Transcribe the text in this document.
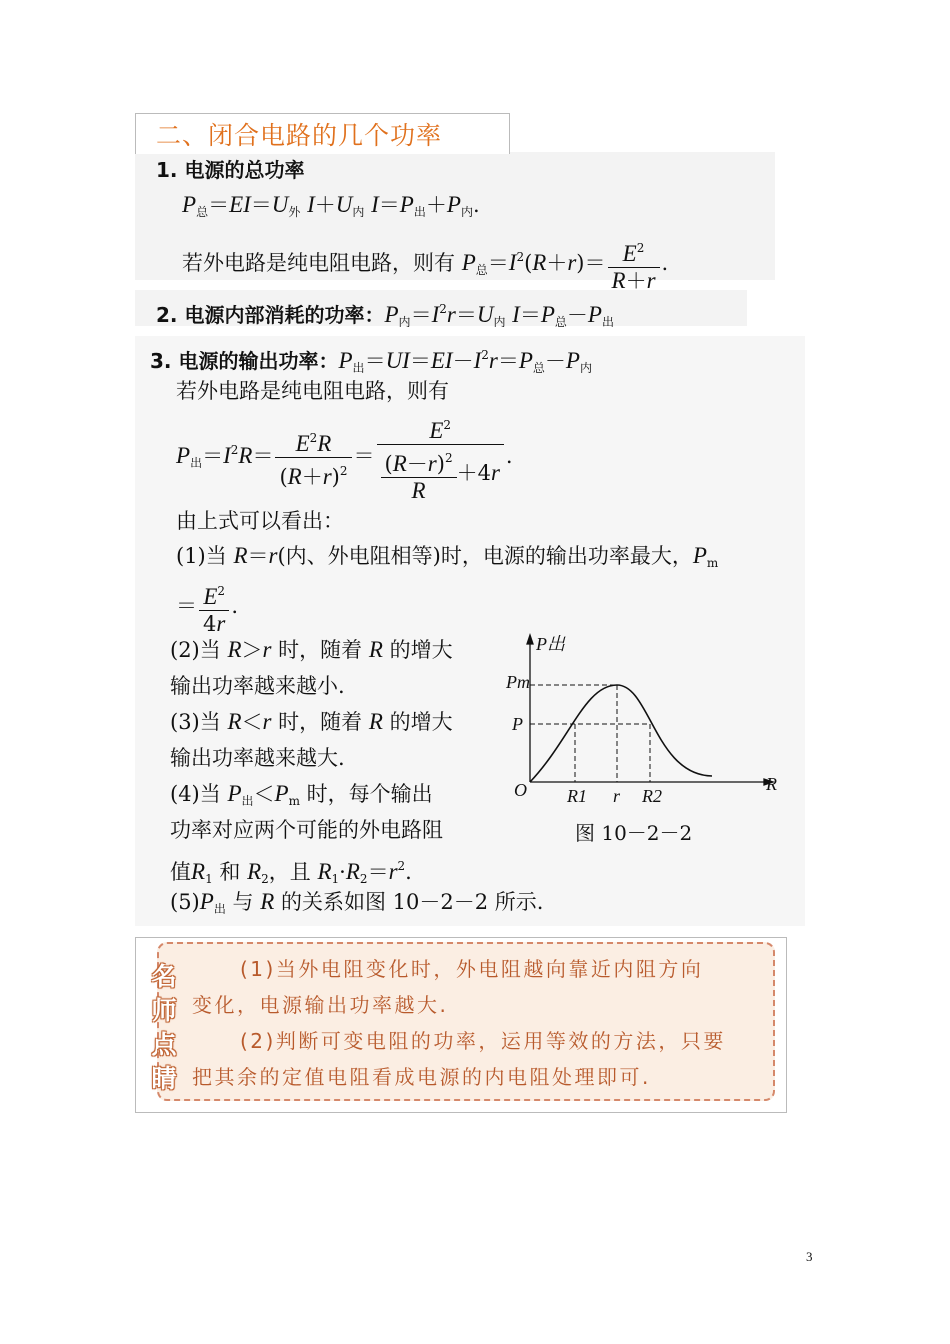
二、闭合电路的几个功率
1. 电源的总功率
$P_总=EI=U_外$ $I+U_内$ $I=P_出+P_内$.
若外电路是纯电阻电路，则有 $P_总=I^2(R+r)= \frac{E^2}{R+r}$ .
2. 电源内部消耗的功率：$P_内=I^2r=U_内$ $I=P_总-P_出$
3. 电源的输出功率：$P_出=UI=EI-I^2r=P_总-P_内$
若外电路是纯电阻电路，则有
$P_出=I^2R= \frac{E^2R}{(R+r)^2} = \frac{E^2}{\frac{(R-r)^2}{R} +4r}$ .
由上式可以看出：
(1)当 R＝r(内、外电阻相等)时，电源的输出功率最大，$P_m$
＝ $\frac{E^2}{4r}$ .
(2)当 R＞r 时，随着 R 的增大
输出功率越来越小.
(3)当 R＜r 时，随着 R 的增大
输出功率越来越大.
(4)当 $P_出<P_m$ 时，每个输出
功率对应两个可能的外电路阻
值$R_1$ 和 $R_2$，且 $R_1\cdot R_2=r^2$.
$(5)P_出$ 与 R 的关系如图 10－2－2 所示.
P出
Pm
P
O R1 r R2
R
图 10－2－2
名
师
点
睛
(1)当外电阻变化时，外电阻越向靠近内阻方向
变化，电源输出功率越大.
(2)判断可变电阻的功率，运用等效的方法，只要
把其余的定值电阻看成电源的内电阻处理即可.
3
